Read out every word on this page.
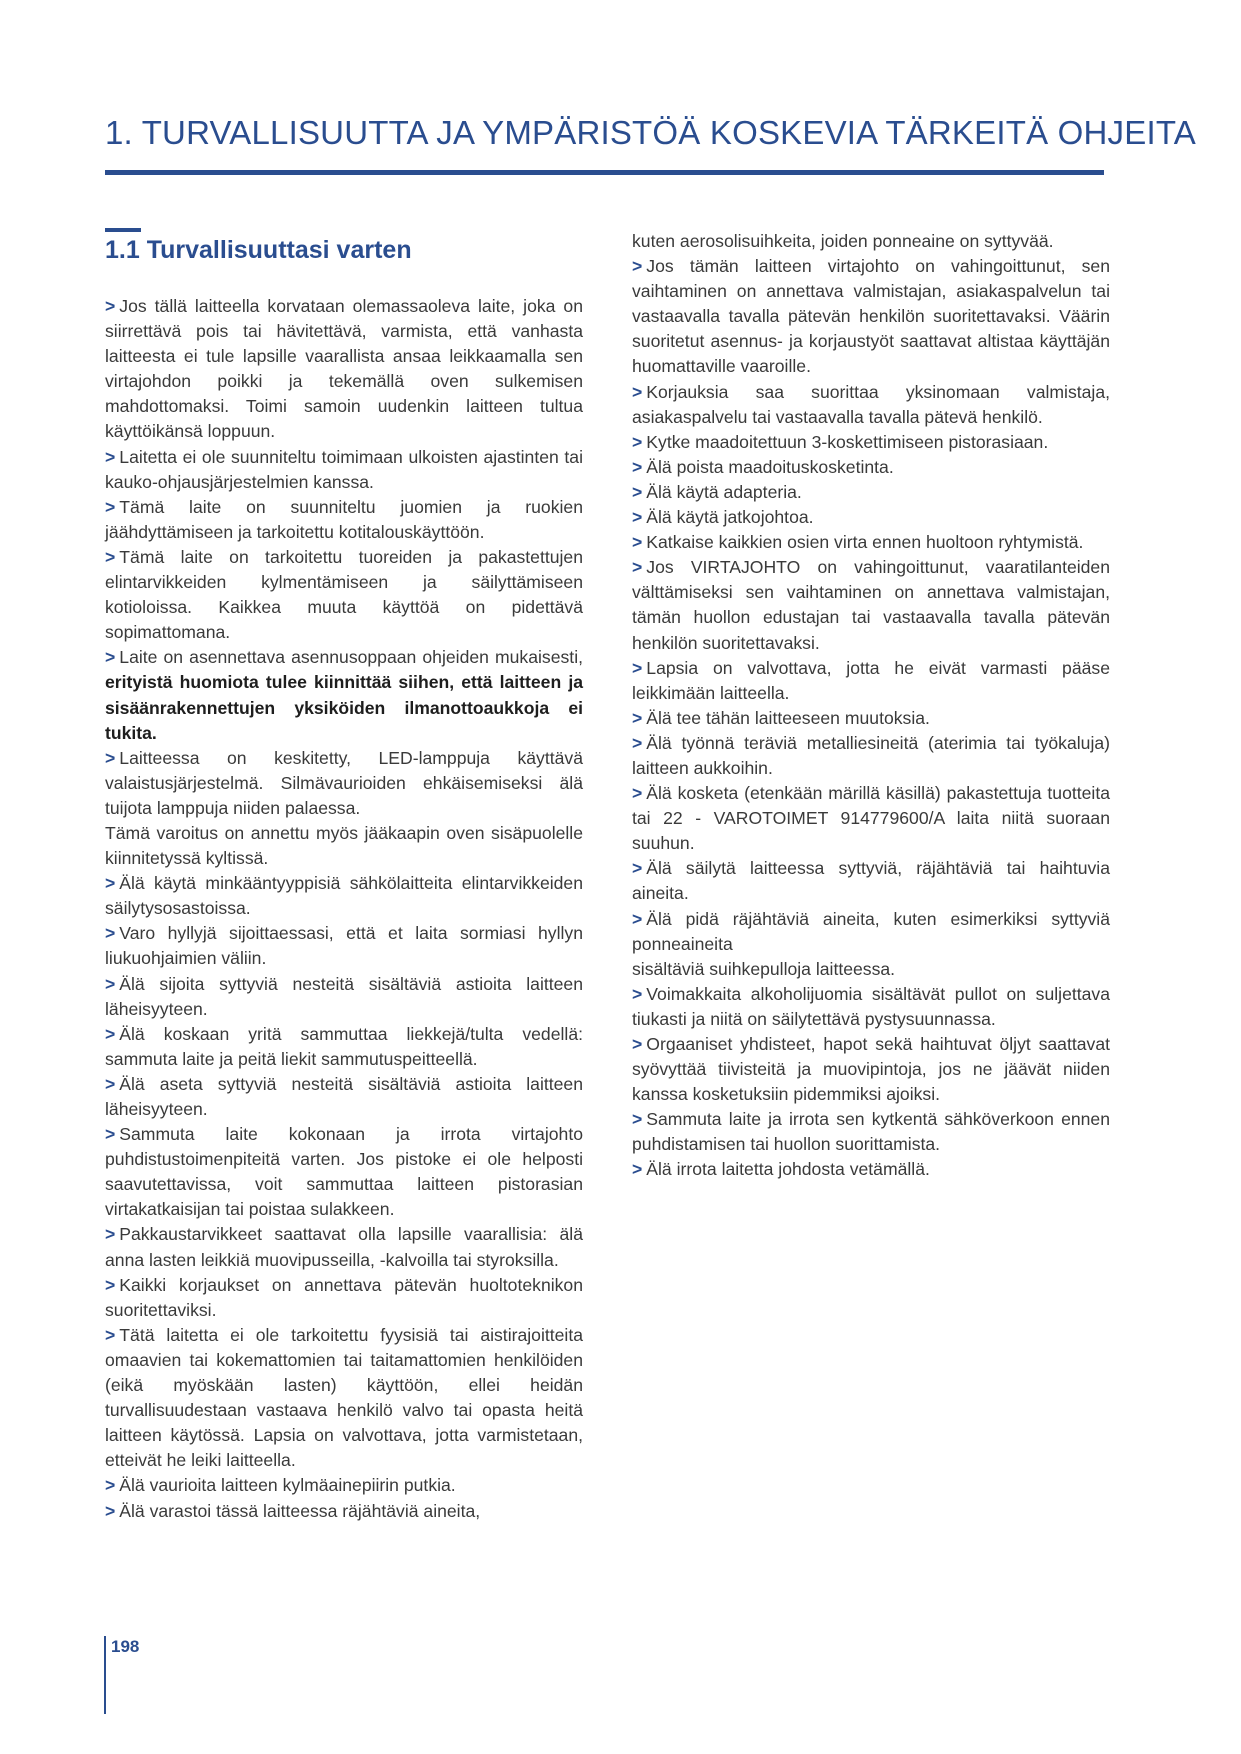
1. TURVALLISUUTTA JA YMPÄRISTÖÄ KOSKEVIA TÄRKEITÄ OHJEITA
1.1 Turvallisuuttasi varten

> Jos tällä laitteella korvataan olemassaoleva laite, joka on siirrettävä pois tai hävitettävä, varmista, että vanhasta laitteesta ei tule lapsille vaarallista ansaa leikkaamalla sen virtajohdon poikki ja tekemällä oven sulkemisen mahdottomaksi. Toimi samoin uudenkin laitteen tultua käyttöikänsä loppuun.

> Laitetta ei ole suunniteltu toimimaan ulkoisten ajastinten tai kauko-ohjausjärjestelmien kanssa.

> Tämä laite on suunniteltu juomien ja ruokien jäähdyttämiseen ja tarkoitettu kotitalouskäyttöön.

> Tämä laite on tarkoitettu tuoreiden ja pakastettujen elintarvikkeiden kylmentämiseen ja säilyttämiseen kotioloissa. Kaikkea muuta käyttöä on pidettävä sopimattomana.

> Laite on asennettava asennusoppaan ohjeiden mukaisesti, erityistä huomiota tulee kiinnittää siihen, että laitteen ja sisäänrakennettujen yksiköiden ilmanottoaukkoja ei tukita.

> Laitteessa on keskitetty, LED-lamppuja käyttävä valaistusjärjestelmä. Silmävaurioiden ehkäisemiseksi älä tuijota lamppuja niiden palaessa.

Tämä varoitus on annettu myös jääkaapin oven sisäpuolelle kiinnitetyssä kyltissä.

> Älä käytä minkääntyyppisiä sähkölaitteita elintarvikkeiden säilytysosastoissa.

> Varo hyllyjä sijoittaessasi, että et laita sormiasi hyllyn liukuohjaimien väliin.

> Älä sijoita syttyviä nesteitä sisältäviä astioita laitteen läheisyyteen.

> Älä koskaan yritä sammuttaa liekkejä/tulta vedellä: sammuta laite ja peitä liekit sammutuspeitteellä.

> Älä aseta syttyviä nesteitä sisältäviä astioita laitteen läheisyyteen.

> Sammuta laite kokonaan ja irrota virtajohto puhdistustoimenpiteitä varten. Jos pistoke ei ole helposti saavutettavissa, voit sammuttaa laitteen pistorasian virtakatkaisijan tai poistaa sulakkeen.

> Pakkaustarvikkeet saattavat olla lapsille vaarallisia: älä anna lasten leikkiä muovipusseilla, -kalvoilla tai styroksilla.

> Kaikki korjaukset on annettava pätevän huoltoteknikon suoritettaviksi.

> Tätä laitetta ei ole tarkoitettu fyysisiä tai aistirajoitteita omaavien tai kokemattomien tai taitamattomien henkilöiden (eikä myöskään lasten) käyttöön, ellei heidän turvallisuudestaan vastaava henkilö valvo tai opasta heitä laitteen käytössä. Lapsia on valvottava, jotta varmistetaan, etteivät he leiki laitteella.

> Älä vaurioita laitteen kylmäainepiirin putkia.

> Älä varastoi tässä laitteessa räjähtäviä aineita,

kuten aerosolisuihkeita, joiden ponneaine on syttyvää.

> Jos tämän laitteen virtajohto on vahingoittunut, sen vaihtaminen on annettava valmistajan, asiakaspalvelun tai vastaavalla tavalla pätevän henkilön suoritettavaksi. Väärin suoritetut asennus- ja korjaustyöt saattavat altistaa käyttäjän huomattaville vaaroille.

> Korjauksia saa suorittaa yksinomaan valmistaja, asiakaspalvelu tai vastaavalla tavalla pätevä henkilö.

> Kytke maadoitettuun 3-koskettimiseen pistorasiaan.

> Älä poista maadoituskosketinta.

> Älä käytä adapteria.

> Älä käytä jatkojohtoa.

> Katkaise kaikkien osien virta ennen huoltoon ryhtymistä.

> Jos VIRTAJOHTO on vahingoittunut, vaaratilanteiden välttämiseksi sen vaihtaminen on annettava valmistajan, tämän huollon edustajan tai vastaavalla tavalla pätevän henkilön suoritettavaksi.

> Lapsia on valvottava, jotta he eivät varmasti pääse leikkimään laitteella.

> Älä tee tähän laitteeseen muutoksia.

> Älä työnnä teräviä metalliesineitä (aterimia tai työkaluja) laitteen aukkoihin.

> Älä kosketa (etenkään märillä käsillä) pakastettuja tuotteita tai 22 - VAROTOIMET 914779600/A laita niitä suoraan suuhun.

> Älä säilytä laitteessa syttyviä, räjähtäviä tai haihtuvia aineita.

> Älä pidä räjähtäviä aineita, kuten esimerkiksi syttyviä ponneaineita

sisältäviä suihkepulloja laitteessa.

> Voimakkaita alkoholijuomia sisältävät pullot on suljettava tiukasti ja niitä on säilytettävä pystysuunnassa.

> Orgaaniset yhdisteet, hapot sekä haihtuvat öljyt saattavat syövyttää tiivisteitä ja muovipintoja, jos ne jäävät niiden kanssa kosketuksiin pidemmiksi ajoiksi.

> Sammuta laite ja irrota sen kytkentä sähköverkoon ennen puhdistamisen tai huollon suorittamista.

> Älä irrota laitetta johdosta vetämällä.

198
